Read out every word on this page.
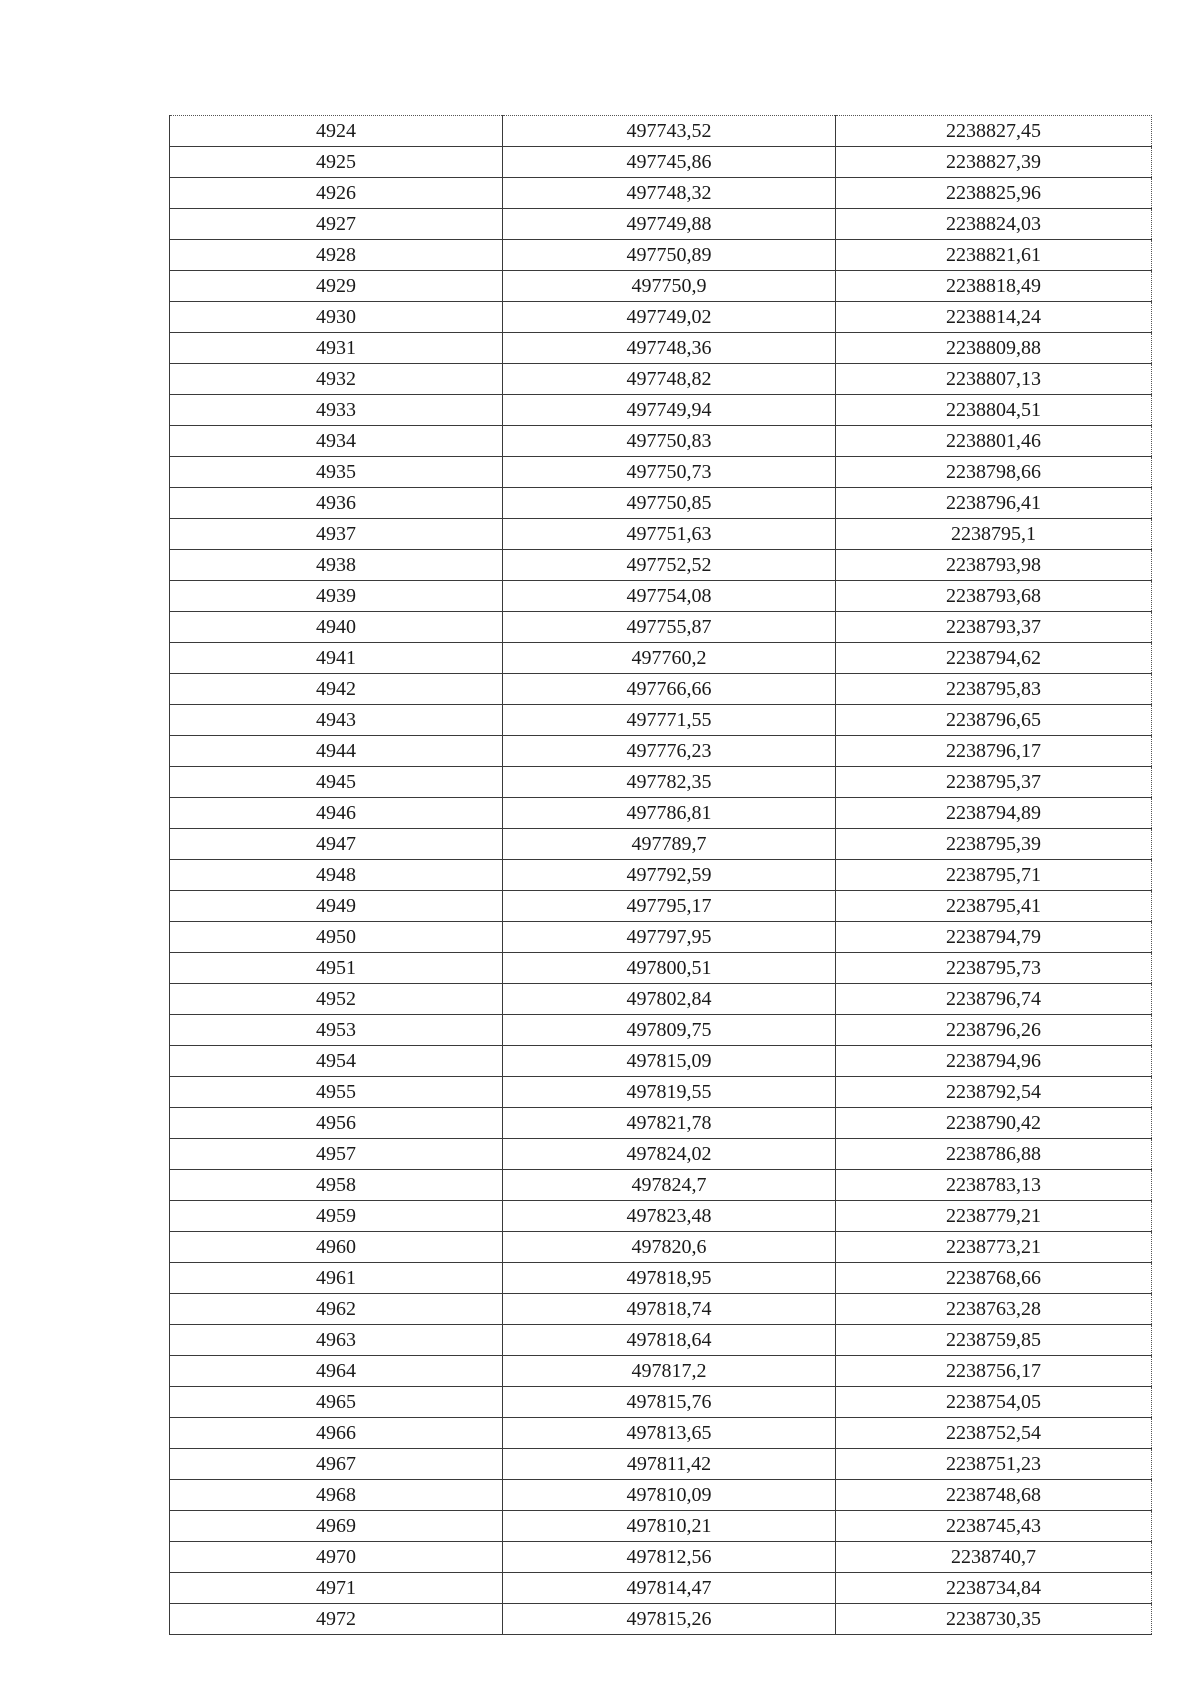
4924	497743,52	2238827,45
4925	497745,86	2238827,39
4926	497748,32	2238825,96
4927	497749,88	2238824,03
4928	497750,89	2238821,61
4929	497750,9	2238818,49
4930	497749,02	2238814,24
4931	497748,36	2238809,88
4932	497748,82	2238807,13
4933	497749,94	2238804,51
4934	497750,83	2238801,46
4935	497750,73	2238798,66
4936	497750,85	2238796,41
4937	497751,63	2238795,1
4938	497752,52	2238793,98
4939	497754,08	2238793,68
4940	497755,87	2238793,37
4941	497760,2	2238794,62
4942	497766,66	2238795,83
4943	497771,55	2238796,65
4944	497776,23	2238796,17
4945	497782,35	2238795,37
4946	497786,81	2238794,89
4947	497789,7	2238795,39
4948	497792,59	2238795,71
4949	497795,17	2238795,41
4950	497797,95	2238794,79
4951	497800,51	2238795,73
4952	497802,84	2238796,74
4953	497809,75	2238796,26
4954	497815,09	2238794,96
4955	497819,55	2238792,54
4956	497821,78	2238790,42
4957	497824,02	2238786,88
4958	497824,7	2238783,13
4959	497823,48	2238779,21
4960	497820,6	2238773,21
4961	497818,95	2238768,66
4962	497818,74	2238763,28
4963	497818,64	2238759,85
4964	497817,2	2238756,17
4965	497815,76	2238754,05
4966	497813,65	2238752,54
4967	497811,42	2238751,23
4968	497810,09	2238748,68
4969	497810,21	2238745,43
4970	497812,56	2238740,7
4971	497814,47	2238734,84
4972	497815,26	2238730,35
